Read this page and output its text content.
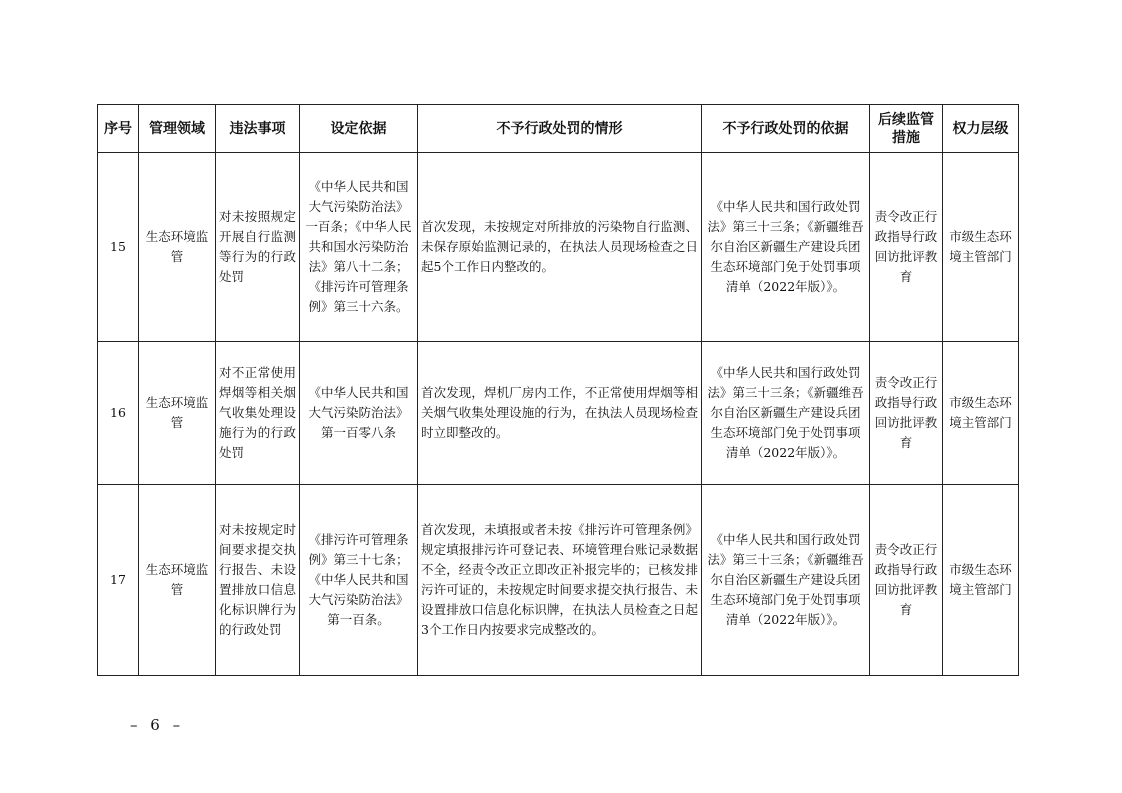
序号	管理领域	违法事项	设定依据	不予行政处罚的情形	不予行政处罚的依据	后续监管措施	权力层级
15	生态环境监管	对未按照规定开展自行监测等行为的行政处罚	《中华人民共和国大气污染防治法》一百条；《中华人民共和国水污染防治法》第八十二条；《排污许可管理条例》第三十六条。	首次发现，未按规定对所排放的污染物自行监测、未保存原始监测记录的，在执法人员现场检查之日起5个工作日内整改的。	《中华人民共和国行政处罚法》第三十三条；《新疆维吾尔自治区新疆生产建设兵团生态环境部门免于处罚事项清单（2022年版）》。	责令改正行政指导行政回访批评教育	市级生态环境主管部门
16	生态环境监管	对不正常使用焊烟等相关烟气收集处理设施行为的行政处罚	《中华人民共和国大气污染防治法》第一百零八条	首次发现，焊机厂房内工作，不正常使用焊烟等相关烟气收集处理设施的行为，在执法人员现场检查时立即整改的。	《中华人民共和国行政处罚法》第三十三条；《新疆维吾尔自治区新疆生产建设兵团生态环境部门免于处罚事项清单（2022年版）》。	责令改正行政指导行政回访批评教育	市级生态环境主管部门
17	生态环境监管	对未按规定时间要求提交执行报告、未设置排放口信息化标识牌行为的行政处罚	《排污许可管理条例》第三十七条；《中华人民共和国大气污染防治法》第一百条。	首次发现，未填报或者未按《排污许可管理条例》规定填报排污许可登记表、环境管理台账记录数据不全，经责令改正立即改正补报完毕的；已核发排污许可证的，未按规定时间要求提交执行报告、未设置排放口信息化标识牌，在执法人员检查之日起3个工作日内按要求完成整改的。	《中华人民共和国行政处罚法》第三十三条；《新疆维吾尔自治区新疆生产建设兵团生态环境部门免于处罚事项清单（2022年版）》。	责令改正行政指导行政回访批评教育	市级生态环境主管部门
– 6 –
